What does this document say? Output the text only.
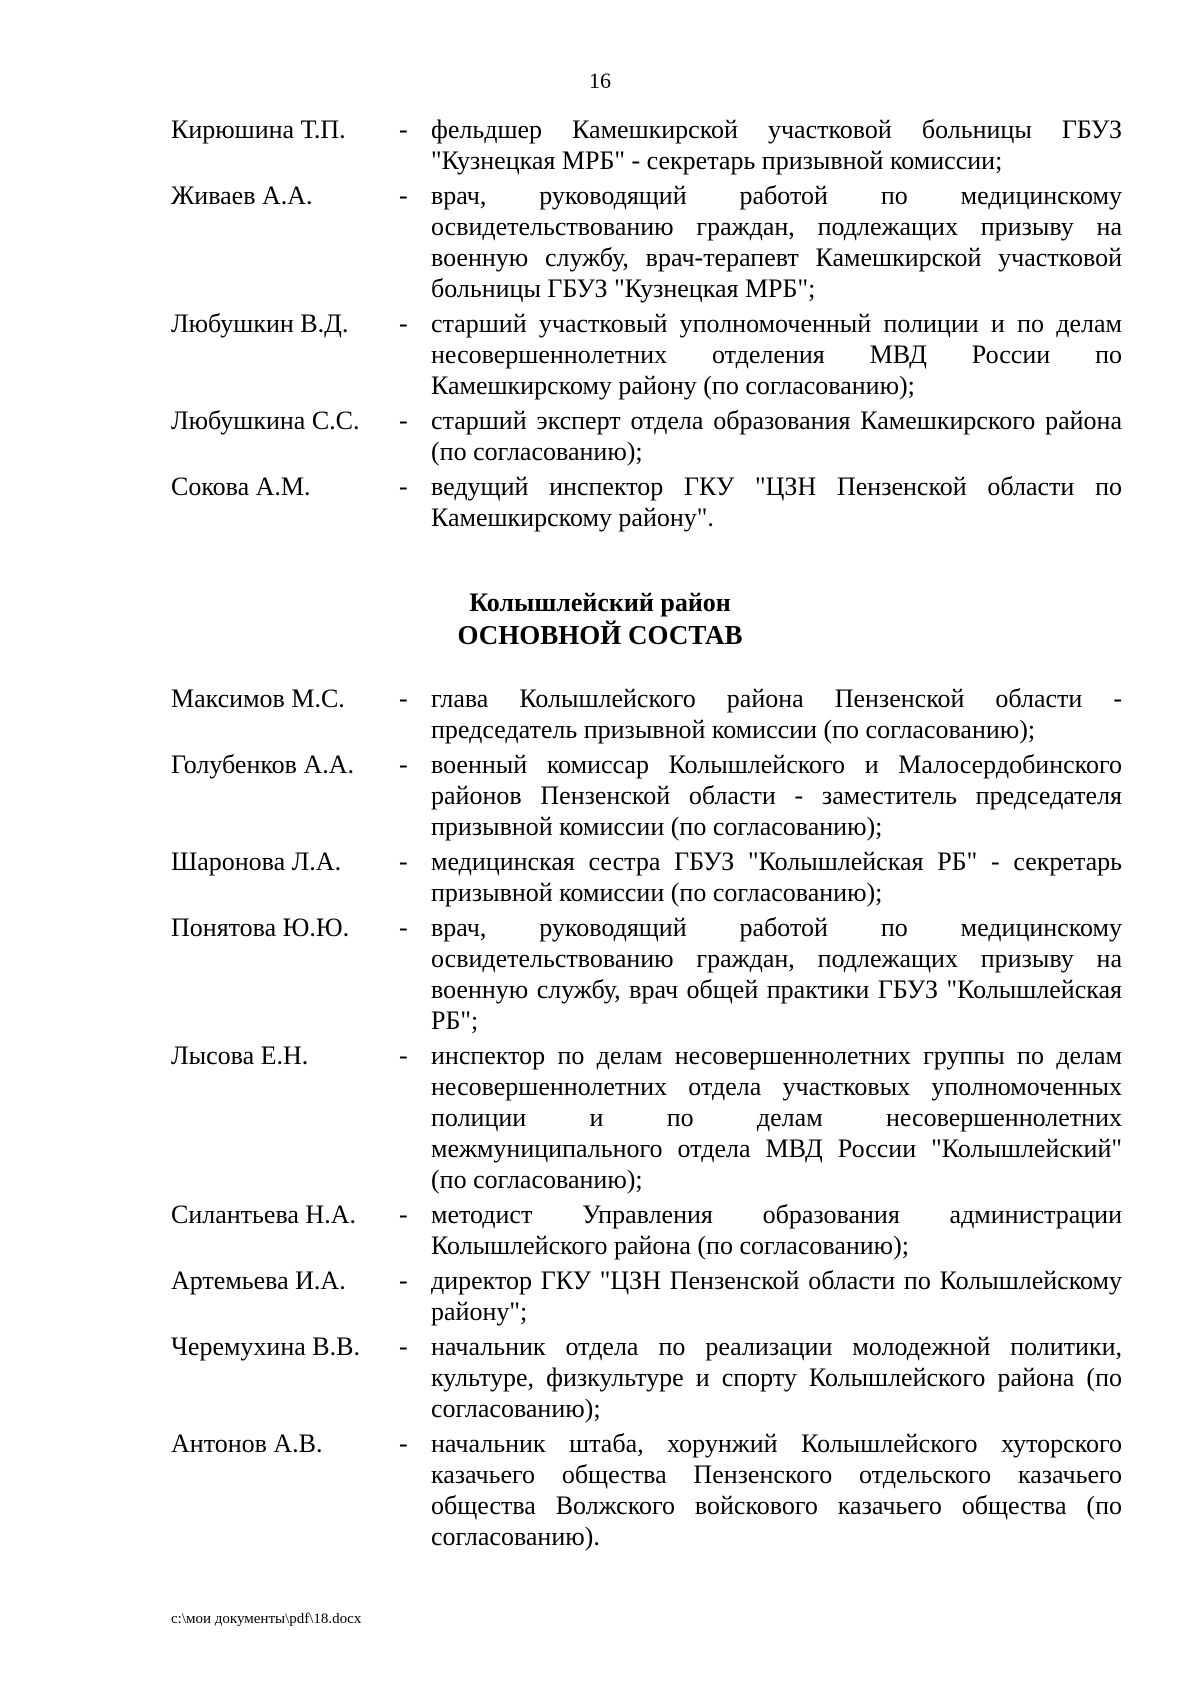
16
Кирюшина Т.П.	- фельдшер Камешкирской участковой больницы ГБУЗ "Кузнецкая МРБ" - секретарь призывной комиссии;
Живаев А.А.	- врач, руководящий работой по медицинскому освидетельствованию граждан, подлежащих призыву на военную службу, врач-терапевт Камешкирской участковой больницы ГБУЗ "Кузнецкая МРБ";
Любушкин В.Д.	- старший участковый уполномоченный полиции и по делам несовершеннолетних отделения МВД России по Камешкирскому району (по согласованию);
Любушкина С.С.	- старший эксперт отдела образования Камешкирского района (по согласованию);
Сокова А.М.	- ведущий инспектор ГКУ "ЦЗН Пензенской области по Камешкирскому району".
Колышлейский район
ОСНОВНОЙ СОСТАВ
Максимов М.С.	- глава Колышлейского района Пензенской области - председатель призывной комиссии (по согласованию);
Голубенков А.А.	- военный комиссар Колышлейского и Малосердобинского районов Пензенской области - заместитель председателя призывной комиссии (по согласованию);
Шаронова Л.А.	- медицинская сестра ГБУЗ "Колышлейская РБ" - секретарь призывной комиссии (по согласованию);
Понятова Ю.Ю.	- врач, руководящий работой по медицинскому освидетельствованию граждан, подлежащих призыву на военную службу, врач общей практики ГБУЗ "Колышлейская РБ";
Лысова Е.Н.	- инспектор по делам несовершеннолетних группы по делам несовершеннолетних отдела участковых уполномоченных полиции и по делам несовершеннолетних межмуниципального отдела МВД России "Колышлейский" (по согласованию);
Силантьева Н.А.	- методист Управления образования администрации Колышлейского района (по согласованию);
Артемьева И.А.	- директор ГКУ "ЦЗН Пензенской области по Колышлейскому району";
Черемухина В.В.	- начальник отдела по реализации молодежной политики, культуре, физкультуре и спорту Колышлейского района (по согласованию);
Антонов А.В.	- начальник штаба, хорунжий Колышлейского хуторского казачьего общества Пензенского отдельского казачьего общества Волжского войскового казачьего общества (по согласованию).
c:\мои документы\pdf\18.docx
